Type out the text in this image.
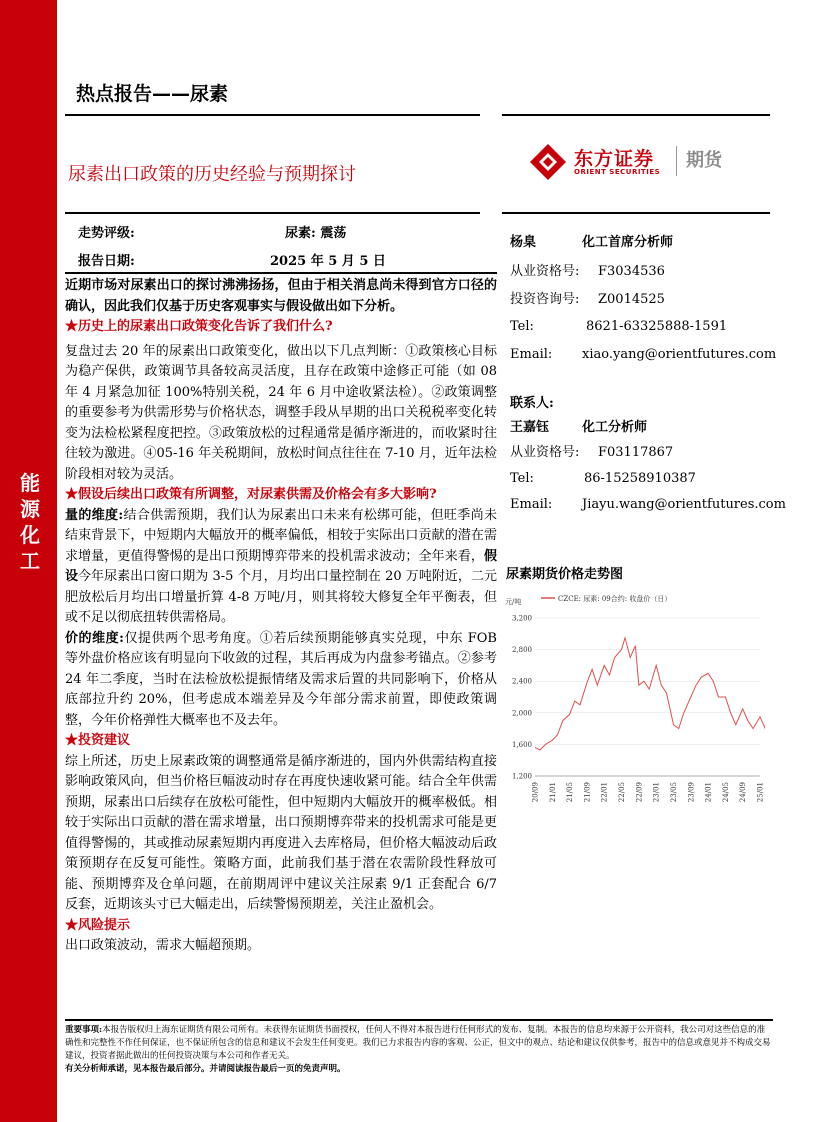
能源化工
热点报告——尿素
尿素出口政策的历史经验与预期探讨
东方证券
ORIENT SECURITIES
期货
走势评级:	尿素: 震荡
报告日期:	2025 年 5 月 5 日

近期市场对尿素出口的探讨沸沸扬扬，但由于相关消息尚未得到官方口径的确认，因此我们仅基于历史客观事实与假设做出如下分析。

★历史上的尿素出口政策变化告诉了我们什么?

复盘过去 20 年的尿素出口政策变化，做出以下几点判断：①政策核心目标为稳产保供，政策调节具备较高灵活度，且存在政策中途修正可能（如 08 年 4 月紧急加征 100%特别关税，24 年 6 月中途收紧法检）。②政策调整的重要参考为供需形势与价格状态，调整手段从早期的出口关税税率变化转变为法检松紧程度把控。③政策放松的过程通常是循序渐进的，而收紧时往往较为激进。④05-16 年关税期间，放松时间点往往在 7-10 月，近年法检阶段相对较为灵活。

★假设后续出口政策有所调整，对尿素供需及价格会有多大影响?

量的维度:结合供需预期，我们认为尿素出口未来有松绑可能，但旺季尚未结束背景下，中短期内大幅放开的概率偏低，相较于实际出口贡献的潜在需求增量，更值得警惕的是出口预期博弈带来的投机需求波动；全年来看，假设今年尿素出口窗口期为 3-5 个月，月均出口量控制在 20 万吨附近，二元肥放松后月均出口增量折算 4-8 万吨/月，则其将较大修复全年平衡表，但或不足以彻底扭转供需格局。

价的维度:仅提供两个思考角度。①若后续预期能够真实兑现，中东 FOB 等外盘价格应该有明显向下收敛的过程，其后再成为内盘参考锚点。②参考 24 年二季度，当时在法检放松提振情绪及需求后置的共同影响下，价格从底部拉升约 20%，但考虑成本端差异及今年部分需求前置，即使政策调整，今年价格弹性大概率也不及去年。

★投资建议

综上所述，历史上尿素政策的调整通常是循序渐进的，国内外供需结构直接影响政策风向，但当价格巨幅波动时存在再度快速收紧可能。结合全年供需预期，尿素出口后续存在放松可能性，但中短期内大幅放开的概率极低。相较于实际出口贡献的潜在需求增量，出口预期博弈带来的投机需求可能是更值得警惕的，其或推动尿素短期内再度进入去库格局，但价格大幅波动后政策预期存在反复可能性。策略方面，此前我们基于潜在农需阶段性释放可能、预期博弈及仓单问题，在前期周评中建议关注尿素 9/1 正套配合 6/7 反套，近期该头寸已大幅走出，后续警惕预期差，关注止盈机会。

★风险提示

出口政策波动，需求大幅超预期。

杨臬	化工首席分析师
从业资格号: F3034536
投资咨询号: Z0014525
Tel:	8621-63325888-1591
Email: xiao.yang@orientfutures.com
联系人:
王嘉钰	化工分析师
从业资格号: F03117867
Tel:	86-15258910387
Email: Jiayu.wang@orientfutures.com
尿素期货价格走势图
1,200
1,600
2,000
2,400
2,800
3,200
20/09 21/01 21/05 21/09 22/01 22/05 22/09 23/01 23/05 23/09 24/01 24/05 24/09 25/01
CZCE: 尿素: 09合约: 收盘价（日）
元/吨
重要事项:本报告版权归上海东证期货有限公司所有。未获得东证期货书面授权，任何人不得对本报告进行任何形式的发布、复制。本报告的信息均来源于公开资料，我公司对这些信息的准确性和完整性不作任何保证，也不保证所包含的信息和建议不会发生任何变更。我们已力求报告内容的客观、公正，但文中的观点、结论和建议仅供参考，报告中的信息或意见并不构成交易建议，投资者据此做出的任何投资决策与本公司和作者无关。
有关分析师承诺，见本报告最后部分。并请阅读报告最后一页的免责声明。
